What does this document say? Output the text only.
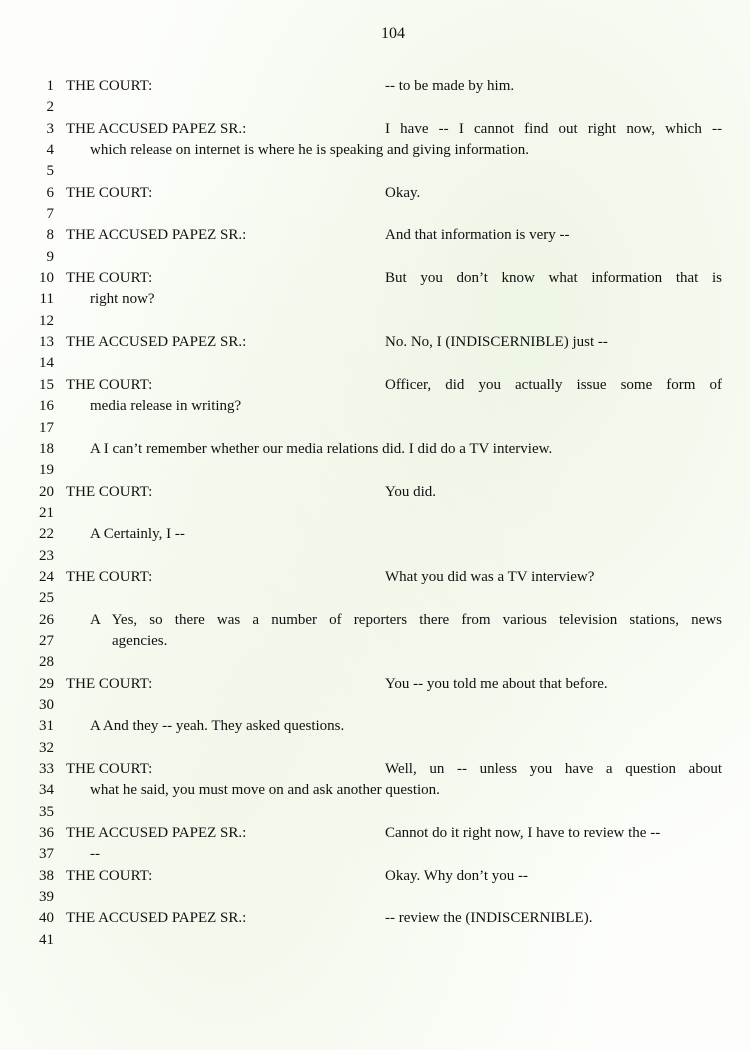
104
1 THE COURT:	-- to be made by him.
2
3 THE ACCUSED PAPEZ SR.:	I have -- I cannot find out right now, which --
4 which release on internet is where he is speaking and giving information.
5
6 THE COURT:	Okay.
7
8 THE ACCUSED PAPEZ SR.:	And that information is very --
9
10 THE COURT:	But you don’t know what information that is
11 right now?
12
13 THE ACCUSED PAPEZ SR.:	No. No, I (INDISCERNIBLE) just --
14
15 THE COURT:	Officer, did you actually issue some form of
16 media release in writing?
17
18 A I can’t remember whether our media relations did. I did do a TV interview.
19
20 THE COURT:	You did.
21
22 A Certainly, I --
23
24 THE COURT:	What you did was a TV interview?
25
26 A Yes, so there was a number of reporters there from various television stations, news
27	agencies.
28
29 THE COURT:	You -- you told me about that before.
30
31 A And they -- yeah. They asked questions.
32
33 THE COURT:	Well, un -- unless you have a question about
34 what he said, you must move on and ask another question.
35
36 THE ACCUSED PAPEZ SR.:	Cannot do it right now, I have to review the --
37 --
38 THE COURT:	Okay. Why don’t you --
39
40 THE ACCUSED PAPEZ SR.:	-- review the (INDISCERNIBLE).
41
